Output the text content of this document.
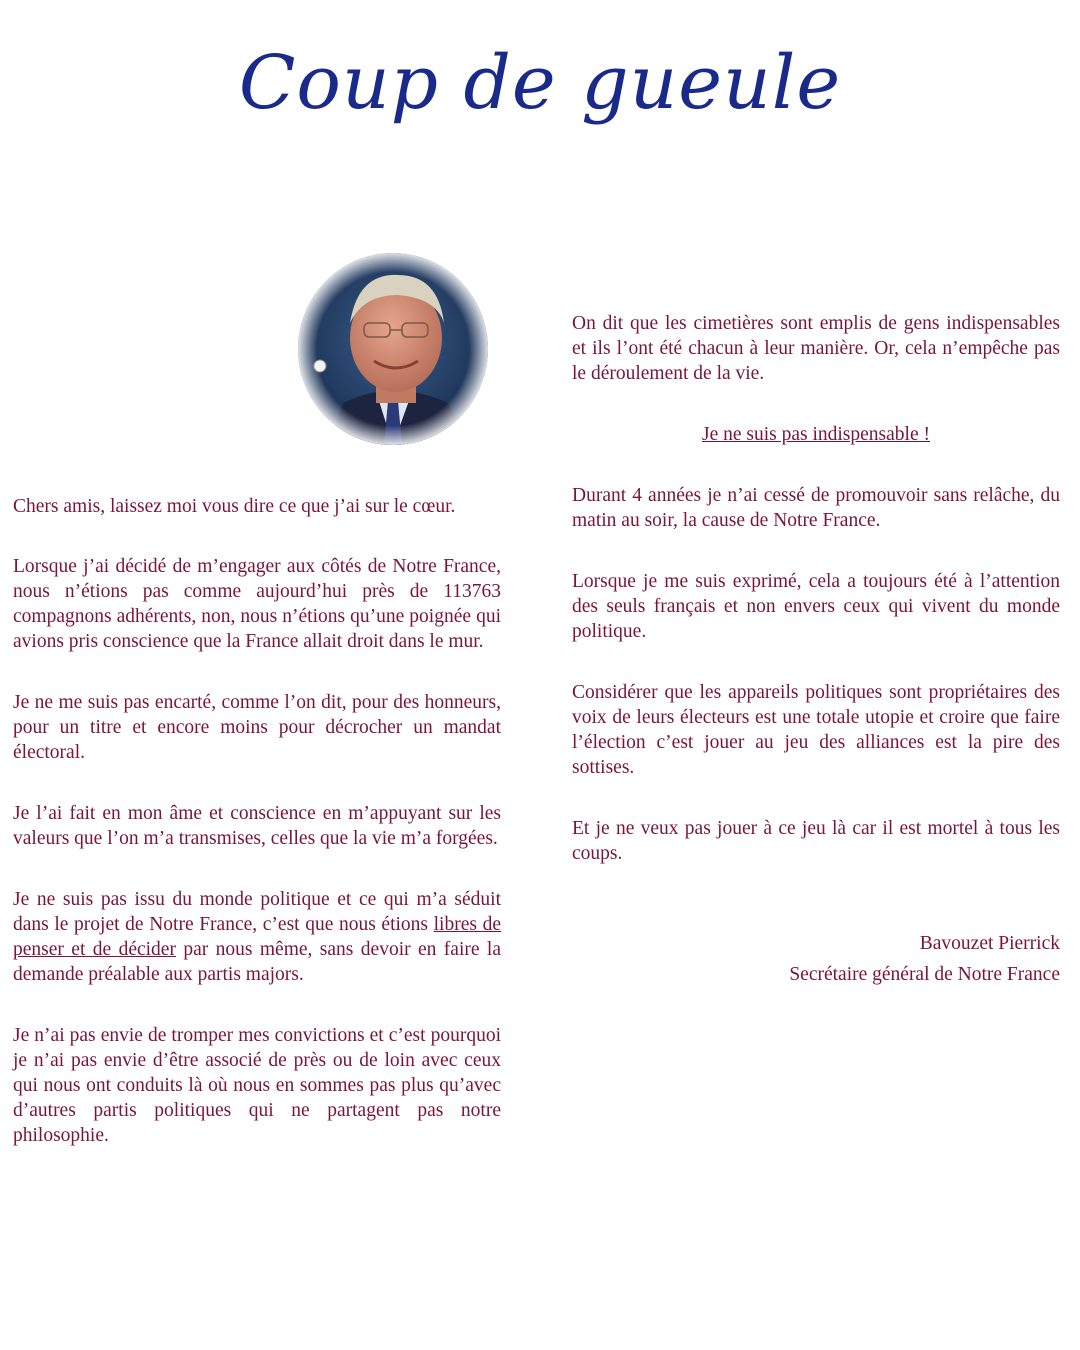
Coup de gueule

Chers amis, laissez moi vous dire ce que j’ai sur le cœur.

Lorsque j’ai décidé de m’engager aux côtés de Notre France, nous n’étions pas comme aujourd’hui près de 113763 compagnons adhérents, non, nous n’étions qu’une poignée qui avions pris conscience que la France allait droit dans le mur.

Je ne me suis pas encarté, comme l’on dit, pour des honneurs, pour un titre et encore moins pour décrocher un mandat électoral.

Je l’ai fait en mon âme et conscience en m’appuyant sur les valeurs que l’on m’a transmises, celles que la vie m’a forgées.

Je ne suis pas issu du monde politique et ce qui m’a séduit dans le projet de Notre France, c’est que nous étions libres de penser et de décider par nous même, sans devoir en faire la demande préalable aux partis majors.

Je n’ai pas envie de tromper mes convictions et c’est pourquoi je n’ai pas envie d’être associé de près ou de loin avec ceux qui nous ont conduits là où nous en sommes pas plus qu’avec d’autres partis politiques qui ne partagent pas notre philosophie.

On dit que les cimetières sont emplis de gens indispensables et ils l’ont été chacun à leur manière. Or, cela n’empêche pas le déroulement de la vie.

Je ne suis pas indispensable !

Durant 4 années je n’ai cessé de promouvoir sans relâche, du matin au soir, la cause de Notre France.

Lorsque je me suis exprimé, cela a toujours été à l’attention des seuls français et non envers ceux qui vivent du monde politique.

Considérer que les appareils politiques sont propriétaires des voix de leurs électeurs est une totale utopie et croire que faire l’élection c’est jouer au jeu des alliances est la pire des sottises.

Et je ne veux pas jouer à ce jeu là car il est mortel à tous les coups.

Bavouzet Pierrick

Secrétaire général de Notre France
